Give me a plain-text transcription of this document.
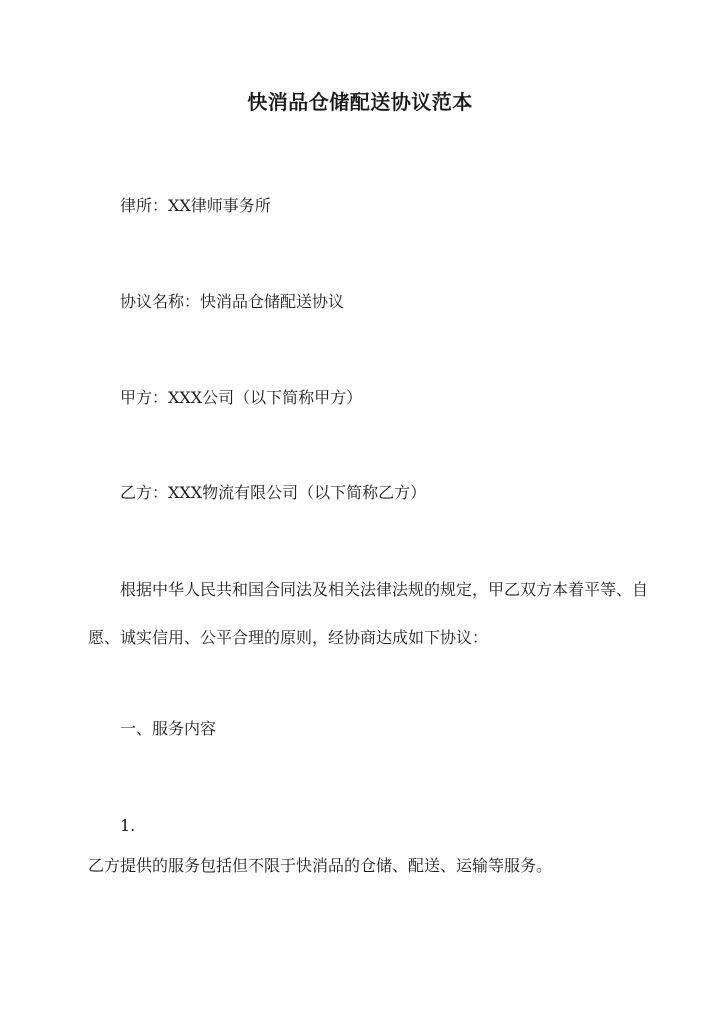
快消品仓储配送协议范本
律所：XX律师事务所
协议名称：快消品仓储配送协议
甲方：XXX公司（以下简称甲方）
乙方：XXX物流有限公司（以下简称乙方）
根据中华人民共和国合同法及相关法律法规的规定，甲乙双方本着平等、自愿、诚实信用、公平合理的原则，经协商达成如下协议：
一、服务内容
1.
乙方提供的服务包括但不限于快消品的仓储、配送、运输等服务。
